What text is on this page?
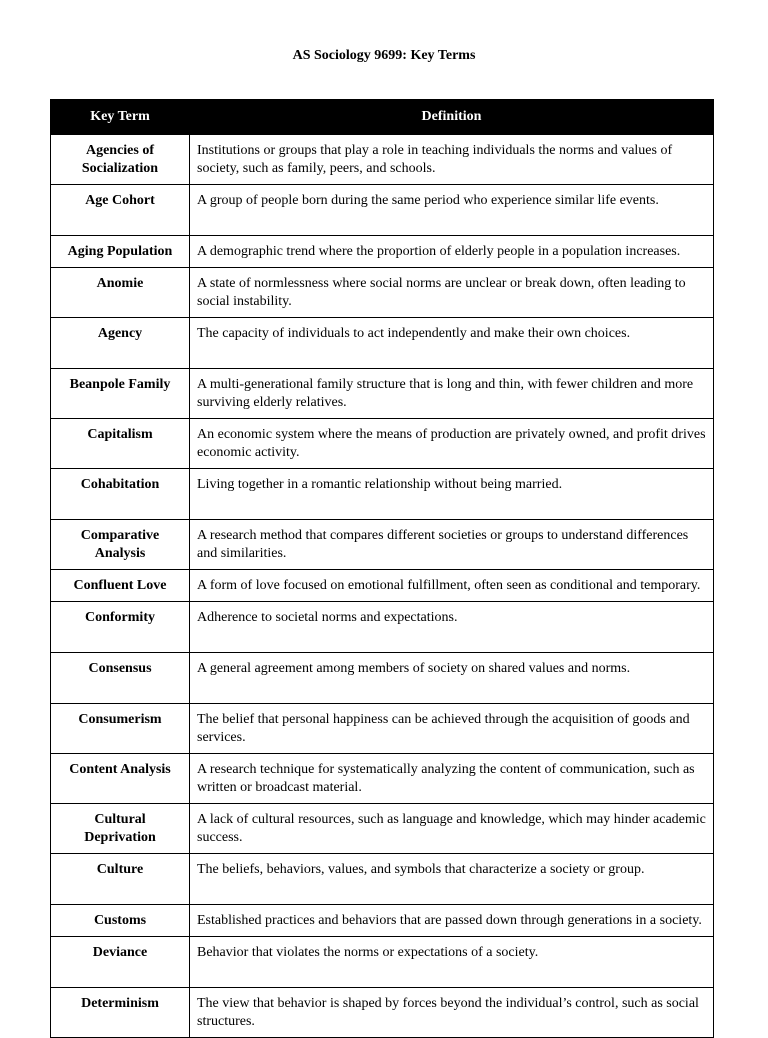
AS Sociology 9699: Key Terms
Key Term	Definition
Agencies of Socialization	Institutions or groups that play a role in teaching individuals the norms and values of society, such as family, peers, and schools.
Age Cohort	A group of people born during the same period who experience similar life events.
Aging Population	A demographic trend where the proportion of elderly people in a population increases.
Anomie	A state of normlessness where social norms are unclear or break down, often leading to social instability.
Agency	The capacity of individuals to act independently and make their own choices.
Beanpole Family	A multi-generational family structure that is long and thin, with fewer children and more surviving elderly relatives.
Capitalism	An economic system where the means of production are privately owned, and profit drives economic activity.
Cohabitation	Living together in a romantic relationship without being married.
Comparative Analysis	A research method that compares different societies or groups to understand differences and similarities.
Confluent Love	A form of love focused on emotional fulfillment, often seen as conditional and temporary.
Conformity	Adherence to societal norms and expectations.
Consensus	A general agreement among members of society on shared values and norms.
Consumerism	The belief that personal happiness can be achieved through the acquisition of goods and services.
Content Analysis	A research technique for systematically analyzing the content of communication, such as written or broadcast material.
Cultural Deprivation	A lack of cultural resources, such as language and knowledge, which may hinder academic success.
Culture	The beliefs, behaviors, values, and symbols that characterize a society or group.
Customs	Established practices and behaviors that are passed down through generations in a society.
Deviance	Behavior that violates the norms or expectations of a society.
Determinism	The view that behavior is shaped by forces beyond the individual’s control, such as social structures.
